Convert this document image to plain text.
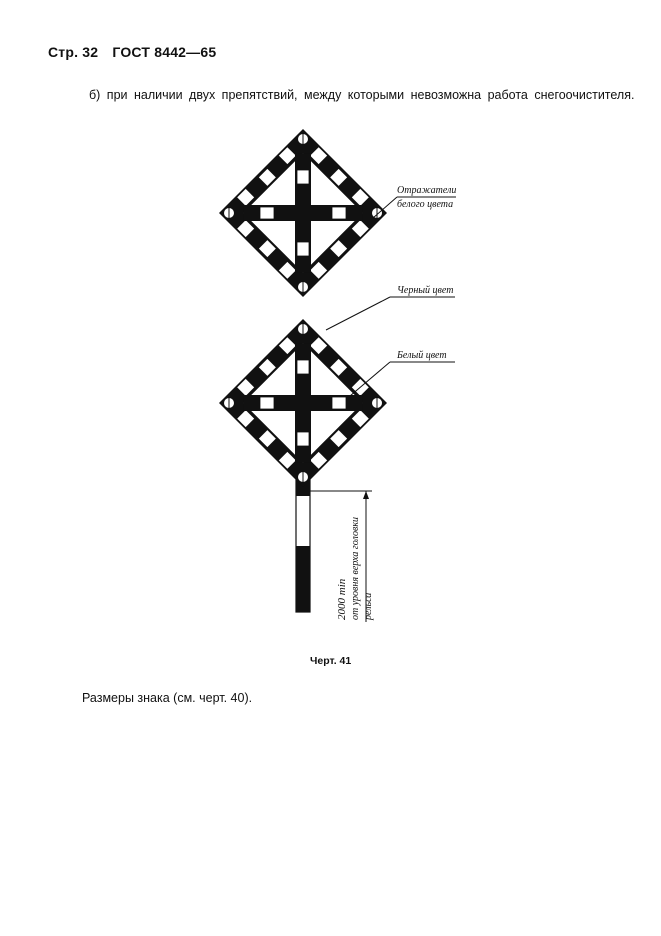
Стр. 32 ГОСТ 8442—65
б) при наличии двух препятствий, между которыми невозможна работа снегоочистителя.
Отражатели
белого цвета
Черный цвет
Белый цвет
2000 min от уровня верха головки рельса
Черт. 41
Размеры знака (см. черт. 40).
